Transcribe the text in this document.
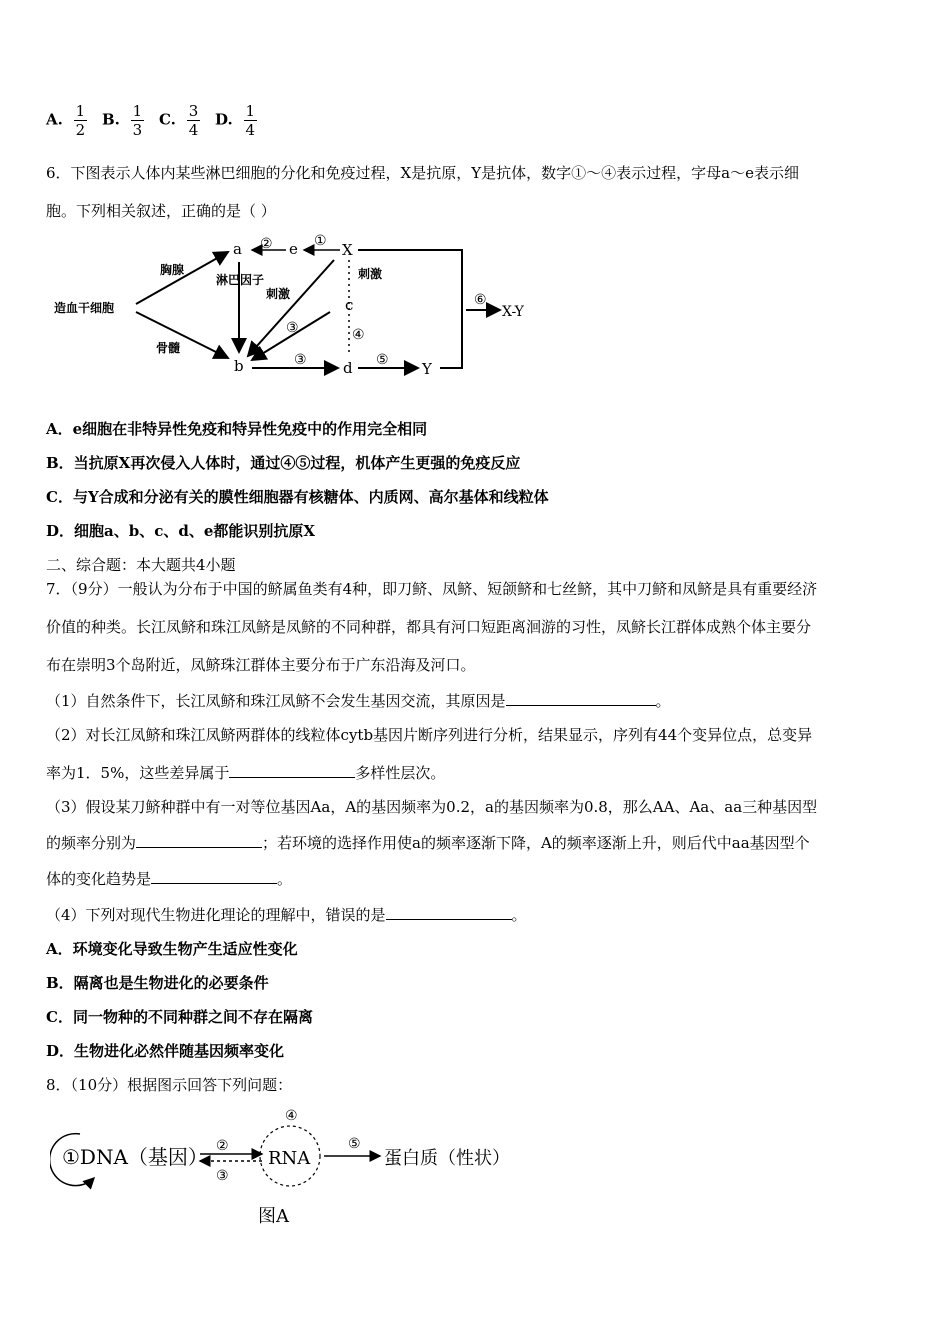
A. $\frac{1}{2} B$. $\frac{1}{3} C$. $\frac{3}{4} D$. $\frac{1}{4}$
6．下图表示人体内某些淋巴细胞的分化和免疫过程，X是抗原，Y是抗体，数字①～④表示过程，字母a～e表示细
胞。下列相关叙述，正确的是（ ）
造血干细胞
胸腺
骨髓
a
b
淋巴因子
② e ① X
刺激
③
刺激
c
④
③ d ⑤ Y
⑥
X-Y
A．e细胞在非特异性免疫和特异性免疫中的作用完全相同
B．当抗原X再次侵入人体时，通过④⑤过程，机体产生更强的免疫反应
C．与Y合成和分泌有关的膜性细胞器有核糖体、内质网、高尔基体和线粒体
D．细胞a、b、c、d、e都能识别抗原X
二、综合题：本大题共4小题
7．（9分）一般认为分布于中国的鲚属鱼类有4种，即刀鲚、凤鲚、短颌鲚和七丝鲚，其中刀鲚和凤鲚是具有重要经济
价值的种类。长江凤鲚和珠江凤鲚是凤鲚的不同种群，都具有河口短距离洄游的习性，凤鲚长江群体成熟个体主要分
布在崇明3个岛附近，凤鲚珠江群体主要分布于广东沿海及河口。
（1）自然条件下，长江凤鲚和珠江凤鲚不会发生基因交流，其原因是	。
（2）对长江凤鲚和珠江凤鲚两群体的线粒体cytb基因片断序列进行分析，结果显示，序列有44个变异位点，总变异
率为1．5%，这些差异属于	多样性层次。
（3）假设某刀鲚种群中有一对等位基因Aa，A的基因频率为0.2，a的基因频率为0.8，那么AA、Aa、aa三种基因型
的频率分别为	；若环境的选择作用使a的频率逐渐下降，A的频率逐渐上升，则后代中aa基因型个
体的变化趋势是	。
（4）下列对现代生物进化理论的理解中，错误的是	。
A．环境变化导致生物产生适应性变化
B．隔离也是生物进化的必要条件
C．同一物种的不同种群之间不存在隔离
D．生物进化必然伴随基因频率变化
8．（10分）根据图示回答下列问题：
①DNA（基因） ②
③
④
RNA
⑤
蛋白质（性状）
图A
